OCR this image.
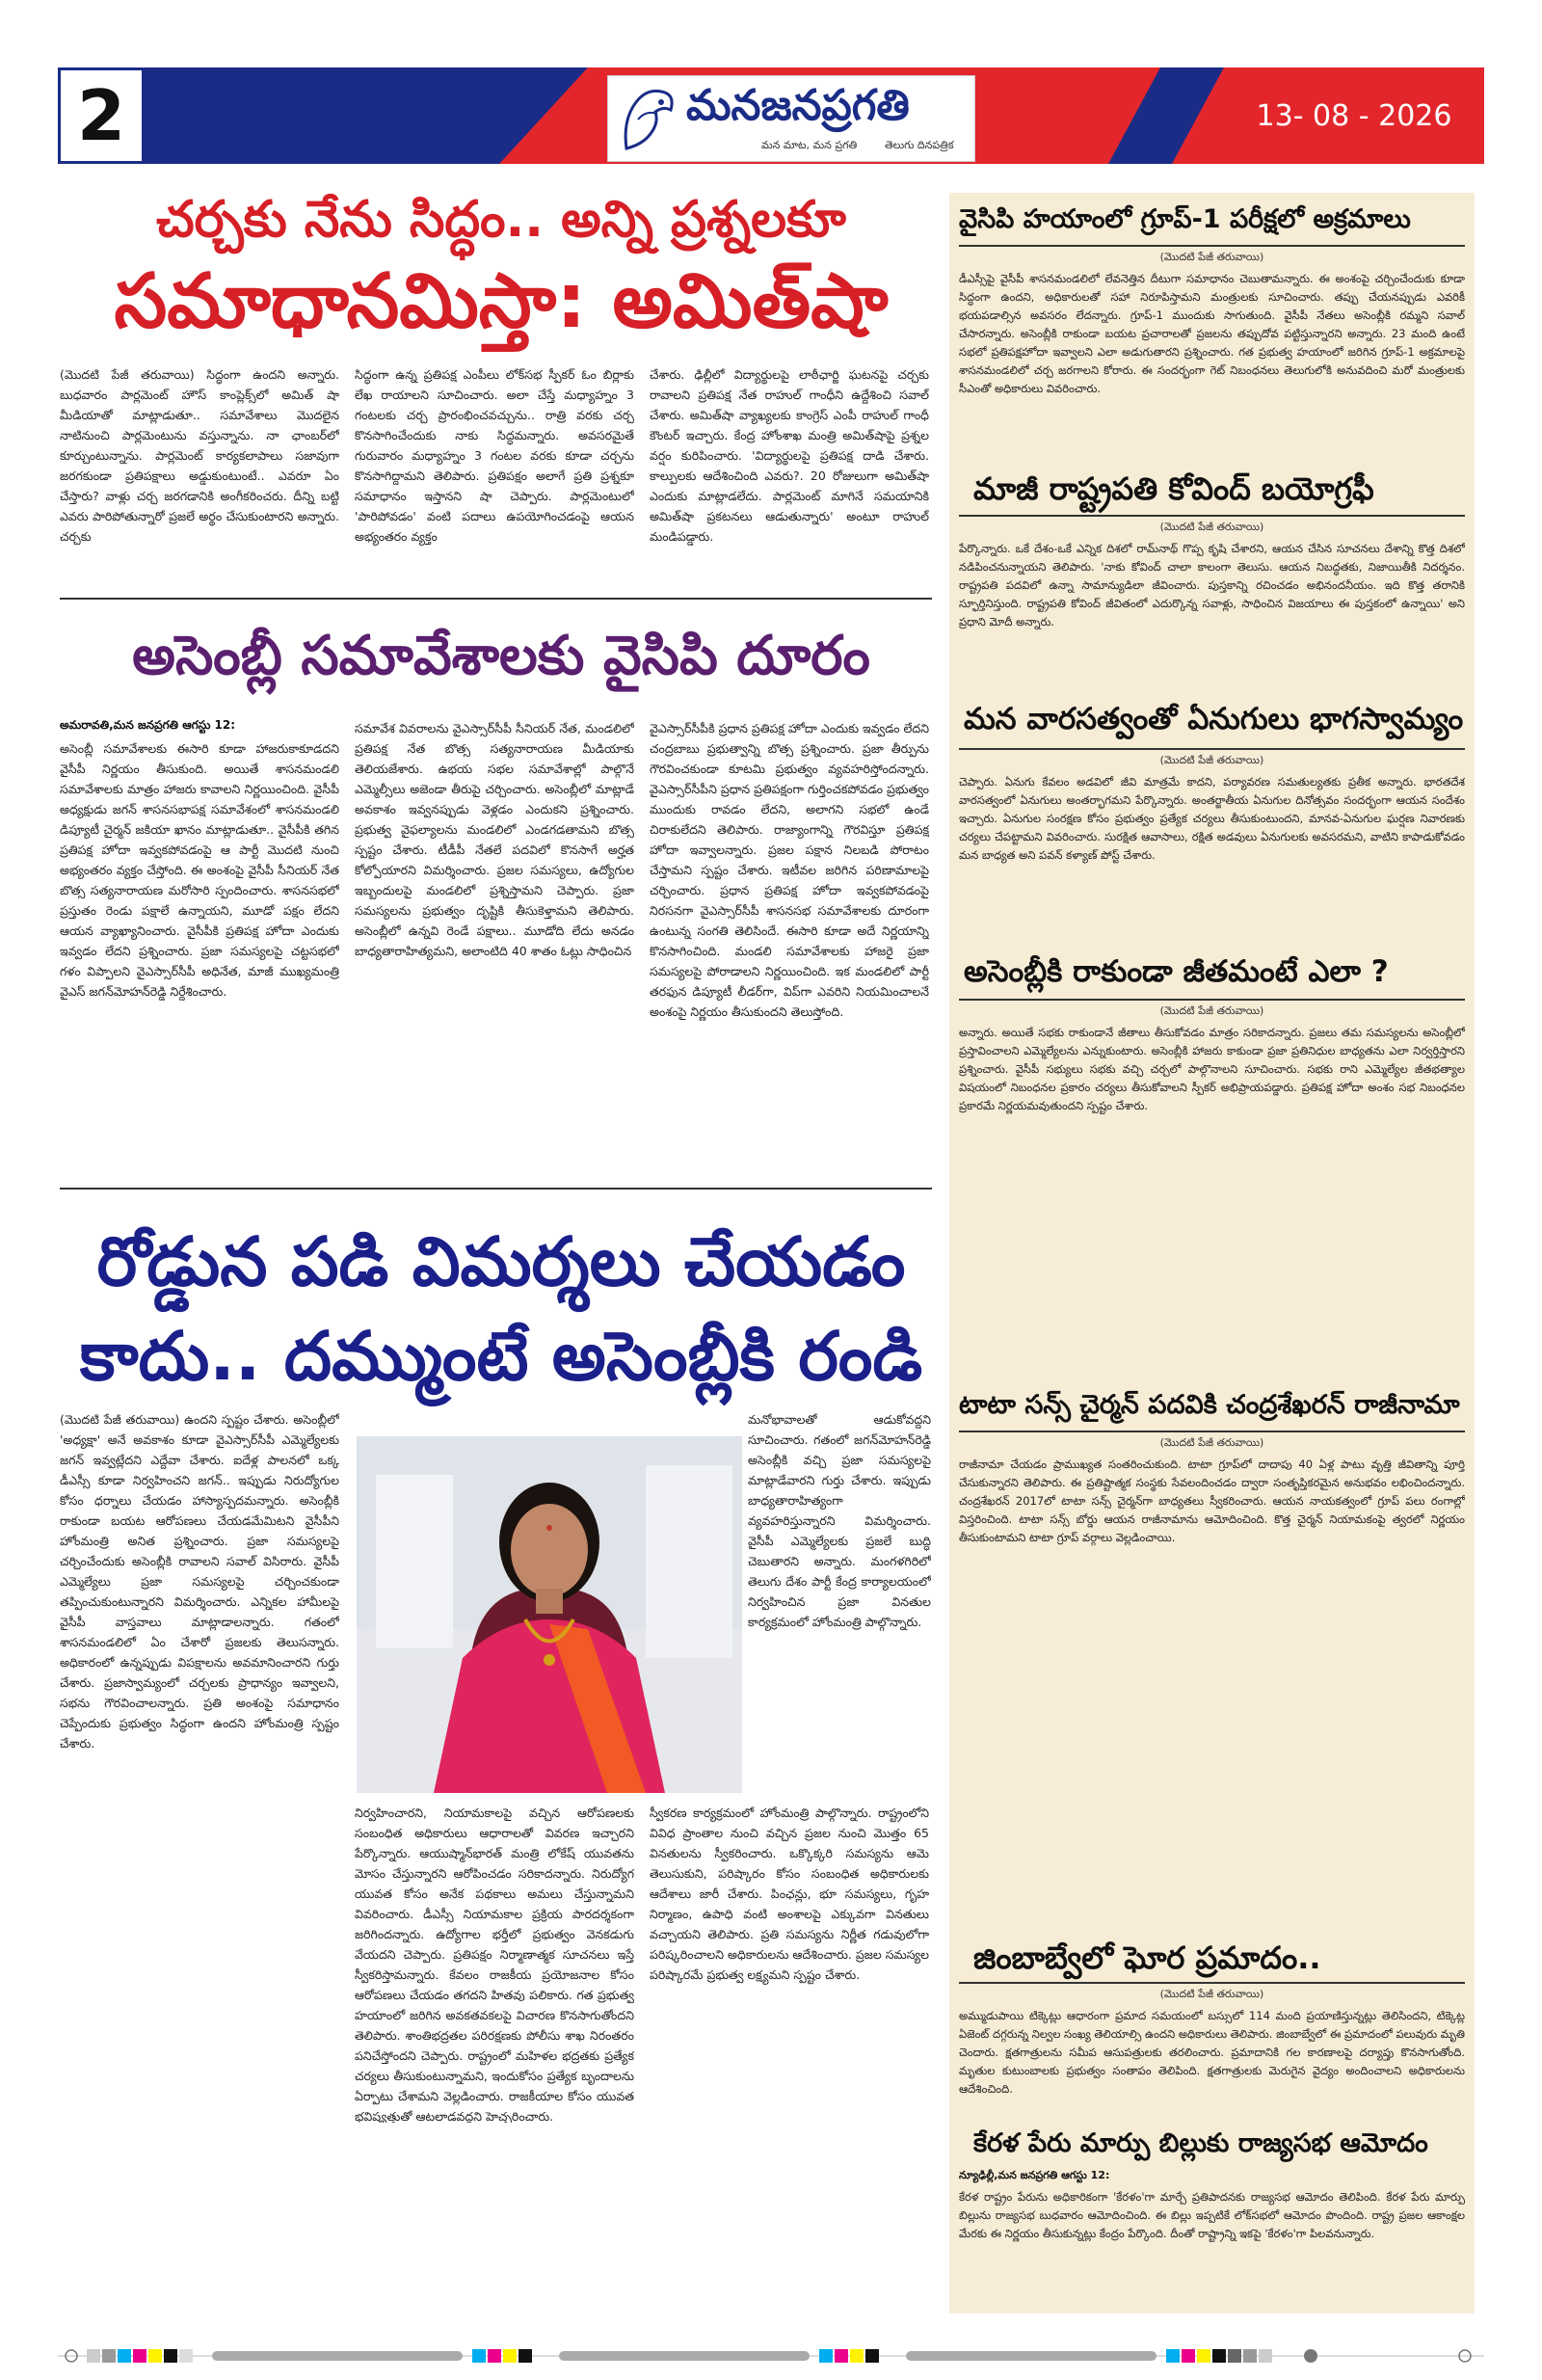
2	మనజనప్రగతి
మన మాట, మన ప్రగతి	తెలుగు దినపత్రిక
13- 08 - 2026
చర్చకు నేను సిద్ధం.. అన్ని ప్రశ్నలకూ
సమాధానమిస్తా: అమిత్‌షా
(మొదటి పేజీ తరువాయి) సిద్ధంగా ఉందని అన్నారు. బుధవారం పార్లమెంట్ హౌస్ కాంప్లెక్స్‌లో అమిత్ షా మీడియాతో మాట్లాడుతూ.. సమావేశాలు మొదలైన నాటినుంచి పార్లమెంటును వస్తున్నాను. నా ఛాంబర్‌లో కూర్చుంటున్నాను. పార్లమెంట్ కార్యకలాపాలు సజావుగా జరగకుండా ప్రతిపక్షాలు అడ్డుకుంటుంటే.. ఎవరూ ఏం చేస్తారు? వాళ్లు చర్చ జరగడానికి అంగీకరించరు. దీన్ని బట్టి ఎవరు పారిపోతున్నారో ప్రజలే అర్థం చేసుకుంటారని అన్నారు. చర్చకు
సిద్ధంగా ఉన్న ప్రతిపక్ష ఎంపీలు లోక్‌సభ స్పీకర్ ఓం బిర్లాకు లేఖ రాయాలని సూచించారు. అలా చేస్తే మధ్యాహ్నం 3 గంటలకు చర్చ ప్రారంభించవచ్చును.. రాత్రి వరకు చర్చ కొనసాగించేందుకు నాకు సిద్ధమన్నారు. అవసరమైతే గురువారం మధ్యాహ్నం 3 గంటల వరకు కూడా చర్చను కొనసాగిద్దామని తెలిపారు. ప్రతిపక్షం అలాగే ప్రతి ప్రశ్నకూ సమాధానం ఇస్తానని షా చెప్పారు. పార్లమెంటులో 'పారిపోవడం' వంటి పదాలు ఉపయోగించడంపై ఆయన అభ్యంతరం వ్యక్తం
చేశారు. ఢిల్లీలో విద్యార్థులపై లాఠీఛార్జి ఘటనపై చర్చకు రావాలని ప్రతిపక్ష నేత రాహుల్ గాంధీని ఉద్దేశించి సవాల్ చేశారు. అమిత్‌షా వ్యాఖ్యలకు కాంగ్రెస్ ఎంపీ రాహుల్ గాంధీ కౌంటర్ ఇచ్చారు. కేంద్ర హోంశాఖ మంత్రి అమిత్‌షాపై ప్రశ్నల వర్షం కురిపించారు. 'విద్యార్థులపై ప్రతిపక్ష దాడి చేశారు. కాల్పులకు ఆదేశించింది ఎవరు?. 20 రోజులుగా అమిత్‌షా ఎందుకు మాట్లాడలేదు. పార్లమెంట్ మాగినే సమయానికి అమిత్‌షా ప్రకటనలు ఆడుతున్నారు' అంటూ రాహుల్ మండిపడ్డారు.
అసెంబ్లీ సమావేశాలకు వైసిపి దూరం
అమరావతి,మన జనప్రగతి ఆగస్టు 12:
అసెంబ్లీ సమావేశాలకు ఈసారి కూడా హాజరుకాకూడదని వైసీపీ నిర్ణయం తీసుకుంది. అయితే శాసనమండలి సమావేశాలకు మాత్రం హాజరు కావాలని నిర్ణయించింది. వైసీపీ అధ్యక్షుడు జగన్ శాసనసభాపక్ష సమావేశంలో శాసనమండలి డిప్యూటీ చైర్మన్ జకియా ఖానం మాట్లాడుతూ.. వైసీపీకి తగిన ప్రతిపక్ష హోదా ఇవ్వకపోవడంపై ఆ పార్టీ మొదటి నుంచి అభ్యంతరం వ్యక్తం చేస్తోంది. ఈ అంశంపై వైసీపీ సీనియర్ నేత బొత్స సత్యనారాయణ మరోసారి స్పందించారు. శాసనసభలో ప్రస్తుతం రెండు పక్షాలే ఉన్నాయని, మూడో పక్షం లేదని ఆయన వ్యాఖ్యానించారు. వైసీపీకి ప్రతిపక్ష హోదా ఎందుకు ఇవ్వడం లేదని ప్రశ్నించారు. ప్రజా సమస్యలపై చట్టసభలో గళం విప్పాలని వైఎస్సార్‌సీపీ అధినేత, మాజీ ముఖ్యమంత్రి వైఎస్ జగన్‌మోహన్‌రెడ్డి నిర్దేశించారు.
సమావేశ వివరాలను వైఎస్సార్‌సీపీ సీనియర్ నేత, మండలిలో ప్రతిపక్ష నేత బొత్స సత్యనారాయణ మీడియాకు తెలియజేశారు. ఉభయ సభల సమావేశాల్లో పాల్గొనే ఎమ్మెల్సీలు అజెండా తీరుపై చర్చించారు. అసెంబ్లీలో మాట్లాడే అవకాశం ఇవ్వనప్పుడు వెళ్లడం ఎందుకని ప్రశ్నించారు. ప్రభుత్వ వైఫల్యాలను మండలిలో ఎండగడతామని బొత్స స్పష్టం చేశారు. టీడీపీ నేతలే పదవిలో కొనసాగే అర్హత కోల్పోయారని విమర్శించారు. ప్రజల సమస్యలు, ఉద్యోగుల ఇబ్బందులపై మండలిలో ప్రశ్నిస్తామని చెప్పారు. ప్రజా సమస్యలను ప్రభుత్వం దృష్టికి తీసుకెళ్తామని తెలిపారు. అసెంబ్లీలో ఉన్నవి రెండే పక్షాలు.. మూడోది లేదు అనడం బాధ్యతారాహిత్యమని, అలాంటిది 40 శాతం ఓట్లు సాధించిన
వైఎస్సార్‌సీపీకి ప్రధాన ప్రతిపక్ష హోదా ఎందుకు ఇవ్వడం లేదని చంద్రబాబు ప్రభుత్వాన్ని బొత్స ప్రశ్నించారు. ప్రజా తీర్పును గౌరవించకుండా కూటమి ప్రభుత్వం వ్యవహరిస్తోందన్నారు. వైఎస్సార్‌సీపీని ప్రధాన ప్రతిపక్షంగా గుర్తించకపోవడం ప్రభుత్వం ముందుకు రావడం లేదని, అలాగని సభలో ఉండే చిరాకులేదని తెలిపారు. రాజ్యాంగాన్ని గౌరవిస్తూ ప్రతిపక్ష హోదా ఇవ్వాలన్నారు. ప్రజల పక్షాన నిలబడి పోరాటం చేస్తామని స్పష్టం చేశారు. ఇటీవల జరిగిన పరిణామాలపై చర్చించారు. ప్రధాన ప్రతిపక్ష హోదా ఇవ్వకపోవడంపై నిరసనగా వైఎస్సార్‌సీపీ శాసనసభ సమావేశాలకు దూరంగా ఉంటున్న సంగతి తెలిసిందే. ఈసారి కూడా అదే నిర్ణయాన్ని కొనసాగించింది. మండలి సమావేశాలకు హాజరై ప్రజా సమస్యలపై పోరాడాలని నిర్ణయించింది. ఇక మండలిలో పార్టీ తరఫున డిప్యూటీ లీడర్‌గా, విప్‌గా ఎవరిని నియమించాలనే అంశంపై నిర్ణయం తీసుకుందని తెలుస్తోంది.
రోడ్డున పడి విమర్శలు చేయడం
కాదు.. దమ్ముంటే అసెంబ్లీకి రండి
(మొదటి పేజీ తరువాయి) ఉందని స్పష్టం చేశారు. అసెంబ్లీలో 'అధ్యక్షా' అనే అవకాశం కూడా వైఎస్సార్‌సీపీ ఎమ్మెల్యేలకు జగన్ ఇవ్వట్లేదని ఎద్దేవా చేశారు. ఐదేళ్ల పాలనలో ఒక్క డీఎస్సీ కూడా నిర్వహించని జగన్.. ఇప్పుడు నిరుద్యోగుల కోసం ధర్నాలు చేయడం హాస్యాస్పదమన్నారు. అసెంబ్లీకి రాకుండా బయట ఆరోపణలు చేయడమేమిటని వైసీపీని హోంమంత్రి అనిత ప్రశ్నించారు. ప్రజా సమస్యలపై చర్చించేందుకు అసెంబ్లీకి రావాలని సవాల్ విసిరారు. వైసీపీ ఎమ్మెల్యేలు ప్రజా సమస్యలపై చర్చించకుండా తప్పించుకుంటున్నారని విమర్శించారు. ఎన్నికల హామీలపై వైసీపీ వాస్తవాలు మాట్లాడాలన్నారు. గతంలో శాసనమండలిలో ఏం చేశారో ప్రజలకు తెలుసన్నారు. అధికారంలో ఉన్నప్పుడు విపక్షాలను అవమానించారని గుర్తు చేశారు. ప్రజాస్వామ్యంలో చర్చలకు ప్రాధాన్యం ఇవ్వాలని, సభను గౌరవించాలన్నారు. ప్రతి అంశంపై సమాధానం చెప్పేందుకు ప్రభుత్వం సిద్ధంగా ఉందని హోంమంత్రి స్పష్టం చేశారు.
మనోభావాలతో ఆడుకోవద్దని సూచించారు. గతంలో జగన్‌మోహన్‌రెడ్డి అసెంబ్లీకి వచ్చి ప్రజా సమస్యలపై మాట్లాడేవారని గుర్తు చేశారు. ఇప్పుడు బాధ్యతారాహిత్యంగా వ్యవహరిస్తున్నారని విమర్శించారు. వైసీపీ ఎమ్మెల్యేలకు ప్రజలే బుద్ధి చెబుతారని అన్నారు. మంగళగిరిలో తెలుగు దేశం పార్టీ కేంద్ర కార్యాలయంలో నిర్వహించిన ప్రజా వినతుల కార్యక్రమంలో హోంమంత్రి పాల్గొన్నారు.
నిర్వహించారని, నియామకాలపై వచ్చిన ఆరోపణలకు సంబంధిత అధికారులు ఆధారాలతో వివరణ ఇచ్చారని పేర్కొన్నారు. ఆయుష్మాన్‌భారత్‌ మంత్రి లోకేష్ యువతను మోసం చేస్తున్నారని ఆరోపించడం సరికాదన్నారు. నిరుద్యోగ యువత కోసం అనేక పథకాలు అమలు చేస్తున్నామని వివరించారు. డీఎస్సీ నియామకాల ప్రక్రియ పారదర్శకంగా జరిగిందన్నారు. ఉద్యోగాల భర్తీలో ప్రభుత్వం వెనకడుగు వేయదని చెప్పారు. ప్రతిపక్షం నిర్మాణాత్మక సూచనలు ఇస్తే స్వీకరిస్తామన్నారు. కేవలం రాజకీయ ప్రయోజనాల కోసం ఆరోపణలు చేయడం తగదని హితవు పలికారు. గత ప్రభుత్వ హయాంలో జరిగిన అవకతవకలపై విచారణ కొనసాగుతోందని తెలిపారు. శాంతిభద్రతల పరిరక్షణకు పోలీసు శాఖ నిరంతరం పనిచేస్తోందని చెప్పారు. రాష్ట్రంలో మహిళల భద్రతకు ప్రత్యేక చర్యలు తీసుకుంటున్నామని, ఇందుకోసం ప్రత్యేక బృందాలను ఏర్పాటు చేశామని వెల్లడించారు. రాజకీయాల కోసం యువత భవిష్యత్తుతో ఆటలాడవద్దని హెచ్చరించారు.
స్వీకరణ కార్యక్రమంలో హోంమంత్రి పాల్గొన్నారు. రాష్ట్రంలోని వివిధ ప్రాంతాల నుంచి వచ్చిన ప్రజల నుంచి మొత్తం 65 వినతులను స్వీకరించారు. ఒక్కొక్కరి సమస్యను ఆమె తెలుసుకుని, పరిష్కారం కోసం సంబంధిత అధికారులకు ఆదేశాలు జారీ చేశారు. పింఛన్లు, భూ సమస్యలు, గృహ నిర్మాణం, ఉపాధి వంటి అంశాలపై ఎక్కువగా వినతులు వచ్చాయని తెలిపారు. ప్రతి సమస్యను నిర్ణీత గడువులోగా పరిష్కరించాలని అధికారులను ఆదేశించారు. ప్రజల సమస్యల పరిష్కారమే ప్రభుత్వ లక్ష్యమని స్పష్టం చేశారు.
వైసిపి హయాంలో గ్రూప్-1 పరీక్షలో అక్రమాలు
(మొదటి పేజీ తరువాయి)
డీఎస్సీపై వైసీపీ శాసనమండలిలో లేవనెత్తిన దీటుగా సమాధానం చెబుతామన్నారు. ఈ అంశంపై చర్చించేందుకు కూడా సిద్ధంగా ఉందని, అధికారులతో సహా నిరూపిస్తామని మంత్రులకు సూచించారు. తప్పు చేయనప్పుడు ఎవరికీ భయపడాల్సిన అవసరం లేదన్నారు. గ్రూప్-1 ముందుకు సాగుతుంది. వైసీపీ నేతలు అసెంబ్లీకి రమ్మని సవాల్ చేసారన్నారు. అసెంబ్లీకి రాకుండా బయట ప్రచారాలతో ప్రజలను తప్పుదోవ పట్టిస్తున్నారని అన్నారు. 23 మంది ఉంటే సభలో ప్రతిపక్షహోదా ఇవ్వాలని ఎలా అడుగుతారని ప్రశ్నించారు. గత ప్రభుత్వ హయాంలో జరిగిన గ్రూప్-1 అక్రమాలపై శాసనమండలిలో చర్చ జరగాలని కోరారు. ఈ సందర్భంగా గెట్ నిబంధనలు తెలుగులోకి అనువదించి మరో మంత్రులకు సీఎంతో అధికారులు వివరించారు.
మాజీ రాష్ట్రపతి కోవింద్ బయోగ్రఫీ
(మొదటి పేజీ తరువాయి)
పేర్కొన్నారు. ఒకే దేశం-ఒకే ఎన్నిక దిశలో రామ్‌నాథ్ గొప్ప కృషి చేశారని, ఆయన చేసిన సూచనలు దేశాన్ని కొత్త దిశలో నడిపించనున్నాయని తెలిపారు. 'నాకు కోవింద్ చాలా కాలంగా తెలుసు. ఆయన నిబద్ధతకు, నిజాయితీకి నిదర్శనం. రాష్ట్రపతి పదవిలో ఉన్నా సామాన్యుడిలా జీవించారు. పుస్తకాన్ని రచించడం అభినందనీయం. ఇది కొత్త తరానికి స్ఫూర్తినిస్తుంది. రాష్ట్రపతి కోవింద్ జీవితంలో ఎదుర్కొన్న సవాళ్లు, సాధించిన విజయాలు ఈ పుస్తకంలో ఉన్నాయి' అని ప్రధాని మోదీ అన్నారు.
మన వారసత్వంతో ఏనుగులు భాగస్వామ్యం
(మొదటి పేజీ తరువాయి)
చెప్పారు. ఏనుగు కేవలం అడవిలో జీవి మాత్రమే కాదని, పర్యావరణ సమతుల్యతకు ప్రతీక అన్నారు. భారతదేశ వారసత్వంలో ఏనుగులు అంతర్భాగమని పేర్కొన్నారు. అంతర్జాతీయ ఏనుగుల దినోత్సవం సందర్భంగా ఆయన సందేశం ఇచ్చారు. ఏనుగుల సంరక్షణ కోసం ప్రభుత్వం ప్రత్యేక చర్యలు తీసుకుంటుందని, మానవ-ఏనుగుల ఘర్షణ నివారణకు చర్యలు చేపట్టామని వివరించారు. సురక్షిత ఆవాసాలు, రక్షిత అడవులు ఏనుగులకు అవసరమని, వాటిని కాపాడుకోవడం మన బాధ్యత అని పవన్ కళ్యాణ్ పోస్ట్ చేశారు.
అసెంబ్లీకి రాకుండా జీతమంటే ఎలా ?
(మొదటి పేజీ తరువాయి)
అన్నారు. అయితే సభకు రాకుండానే జీతాలు తీసుకోవడం మాత్రం సరికాదన్నారు. ప్రజలు తమ సమస్యలను అసెంబ్లీలో ప్రస్తావించాలని ఎమ్మెల్యేలను ఎన్నుకుంటారు. అసెంబ్లీకి హాజరు కాకుండా ప్రజా ప్రతినిధుల బాధ్యతను ఎలా నిర్వర్తిస్తారని ప్రశ్నించారు. వైసీపీ సభ్యులు సభకు వచ్చి చర్చలో పాల్గొనాలని సూచించారు. సభకు రాని ఎమ్మెల్యేల జీతభత్యాల విషయంలో నిబంధనల ప్రకారం చర్యలు తీసుకోవాలని స్పీకర్ అభిప్రాయపడ్డారు. ప్రతిపక్ష హోదా అంశం సభ నిబంధనల ప్రకారమే నిర్ణయమవుతుందని స్పష్టం చేశారు.
టాటా సన్స్ చైర్మన్ పదవికి చంద్రశేఖరన్ రాజీనామా
(మొదటి పేజీ తరువాయి)
రాజీనామా చేయడం ప్రాముఖ్యత సంతరించుకుంది. టాటా గ్రూప్‌లో దాదాపు 40 ఏళ్ల పాటు వృత్తి జీవితాన్ని పూర్తి చేసుకున్నారని తెలిపారు. ఈ ప్రతిష్టాత్మక సంస్థకు సేవలందించడం ద్వారా సంతృప్తికరమైన అనుభవం లభించిందన్నారు. చంద్రశేఖరన్ 2017లో టాటా సన్స్ చైర్మన్‌గా బాధ్యతలు స్వీకరించారు. ఆయన నాయకత్వంలో గ్రూప్ పలు రంగాల్లో విస్తరించింది. టాటా సన్స్ బోర్డు ఆయన రాజీనామాను ఆమోదించింది. కొత్త చైర్మన్ నియామకంపై త్వరలో నిర్ణయం తీసుకుంటామని టాటా గ్రూప్ వర్గాలు వెల్లడించాయి.
జింబాబ్వేలో ఘోర ప్రమాదం..
(మొదటి పేజీ తరువాయి)
అమ్ముడుపాయి టిక్కెట్లు ఆధారంగా ప్రమాద సమయంలో బస్సులో 114 మంది ప్రయాణిస్తున్నట్లు తెలిసిందని, టిక్కెట్ల ఏజెంట్ దగ్గరున్న నిల్వల సంఖ్య తెలియాల్సి ఉందని అధికారులు తెలిపారు. జింబాబ్వేలో ఈ ప్రమాదంలో పలువురు మృతి చెందారు. క్షతగాత్రులను సమీప ఆసుపత్రులకు తరలించారు. ప్రమాదానికి గల కారణాలపై దర్యాప్తు కొనసాగుతోంది. మృతుల కుటుంబాలకు ప్రభుత్వం సంతాపం తెలిపింది. క్షతగాత్రులకు మెరుగైన వైద్యం అందించాలని అధికారులను ఆదేశించింది.
కేరళ పేరు మార్పు బిల్లుకు రాజ్యసభ ఆమోదం
న్యూఢిల్లీ,మన జనప్రగతి ఆగస్టు 12:
కేరళ రాష్ట్రం పేరును అధికారికంగా 'కేరళం'గా మార్చే ప్రతిపాదనకు రాజ్యసభ ఆమోదం తెలిపింది. కేరళ పేరు మార్పు బిల్లును రాజ్యసభ బుధవారం ఆమోదించింది. ఈ బిల్లు ఇప్పటికే లోక్‌సభలో ఆమోదం పొందింది. రాష్ట్ర ప్రజల ఆకాంక్షల మేరకు ఈ నిర్ణయం తీసుకున్నట్లు కేంద్రం పేర్కొంది. దీంతో రాష్ట్రాన్ని ఇకపై 'కేరళం'గా పిలవనున్నారు.
